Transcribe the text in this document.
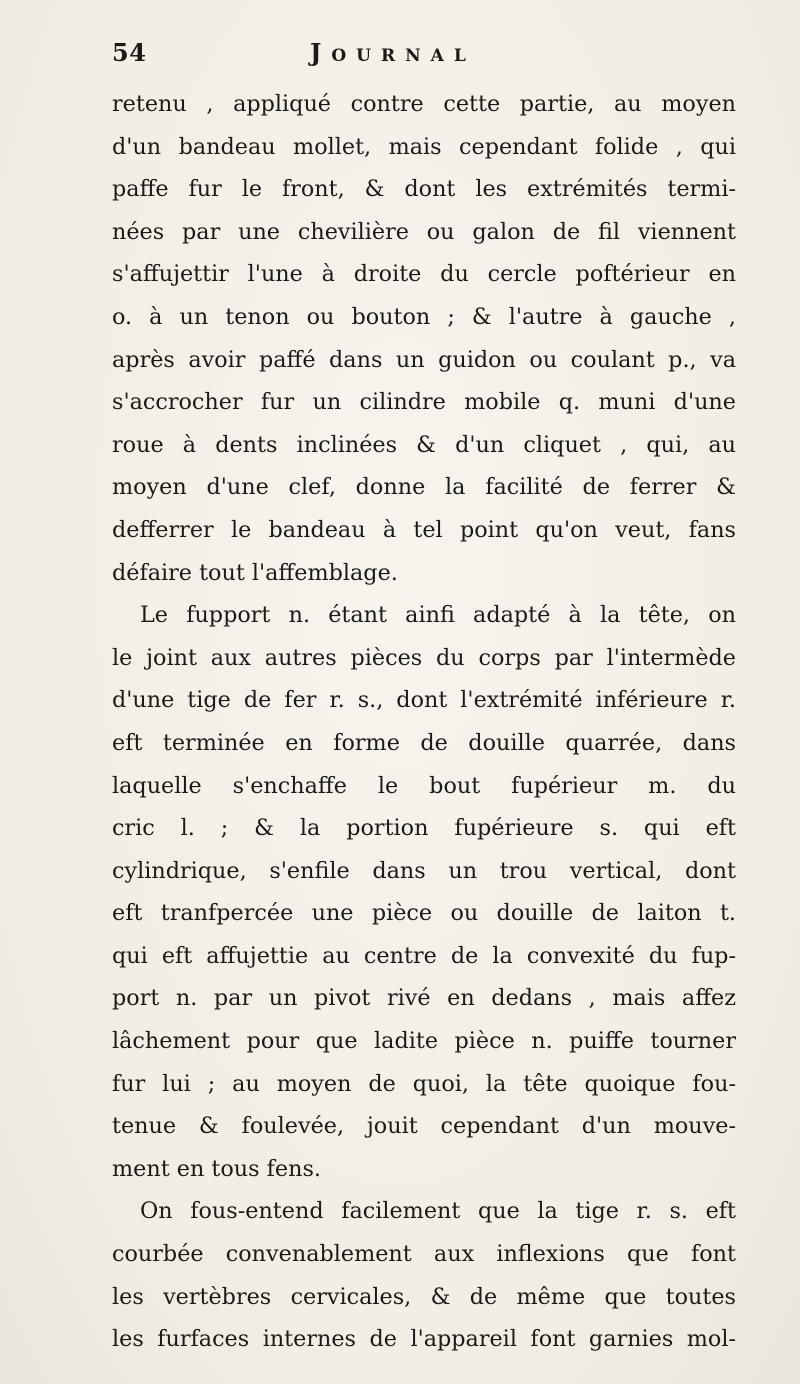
54	Journal
retenu , appliqué contre cette partie, au moyen
d'un bandeau mollet, mais cependant folide , qui
paffe fur le front, & dont les extrémités termi-
nées par une chevilière ou galon de fil viennent
s'affujettir l'une à droite du cercle poftérieur en
o. à un tenon ou bouton ; & l'autre à gauche ,
après avoir paffé dans un guidon ou coulant p., va
s'accrocher fur un cilindre mobile q. muni d'une
roue à dents inclinées & d'un cliquet , qui, au
moyen d'une clef, donne la facilité de ferrer &
defferrer le bandeau à tel point qu'on veut, fans
défaire tout l'affemblage.
Le fupport n. étant ainfi adapté à la tête, on
le joint aux autres pièces du corps par l'intermède
d'une tige de fer r. s., dont l'extrémité inférieure r.
eft terminée en forme de douille quarrée, dans
laquelle s'enchaffe le bout fupérieur m. du
cric l. ; & la portion fupérieure s. qui eft
cylindrique, s'enfile dans un trou vertical, dont
eft tranfpercée une pièce ou douille de laiton t.
qui eft affujettie au centre de la convexité du fup-
port n. par un pivot rivé en dedans , mais affez
lâchement pour que ladite pièce n. puiffe tourner
fur lui ; au moyen de quoi, la tête quoique fou-
tenue & foulevée, jouit cependant d'un mouve-
ment en tous fens.
On fous-entend facilement que la tige r. s. eft
courbée convenablement aux inflexions que font
les vertèbres cervicales, & de même que toutes
les furfaces internes de l'appareil font garnies mol-
